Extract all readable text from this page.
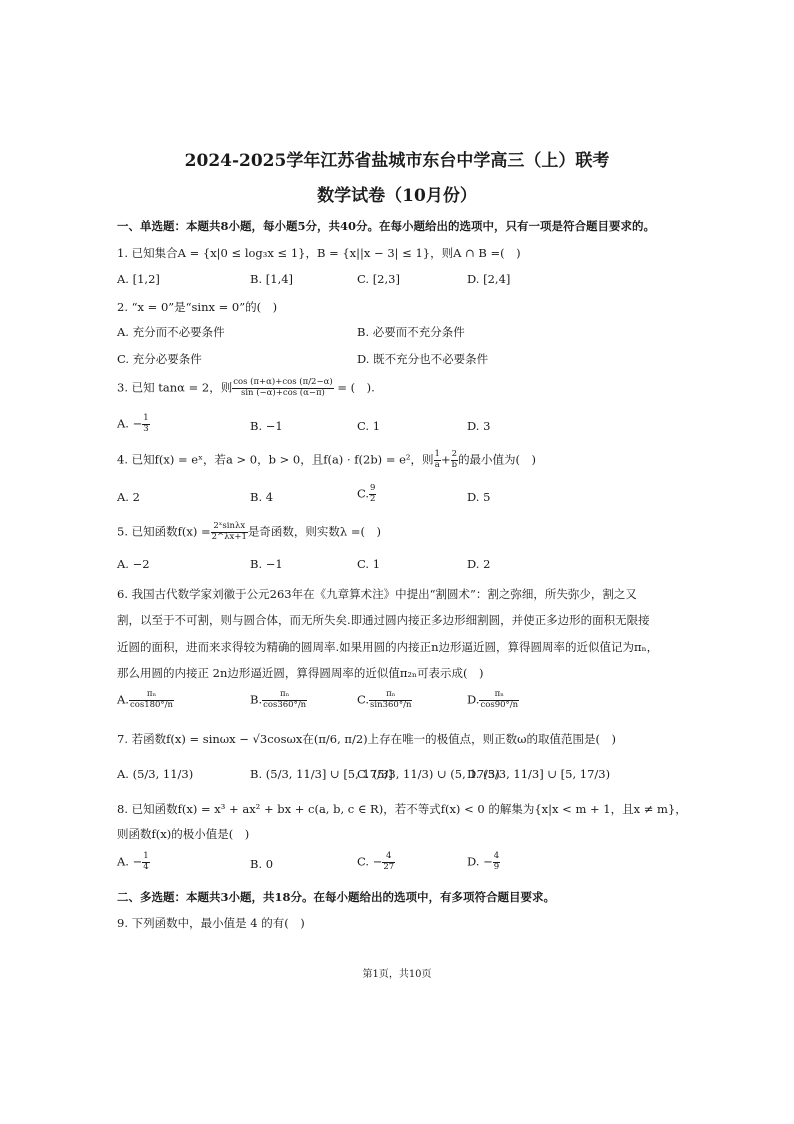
2024-2025学年江苏省盐城市东台中学高三（上）联考
数学试卷（10月份）
一、单选题：本题共8小题，每小题5分，共40分。在每小题给出的选项中，只有一项是符合题目要求的。
1. 已知集合A = {x|0 ≤ log₃x ≤ 1}，B = {x||x − 3| ≤ 1}，则A ∩ B =(　)
A. [1,2]	B. [1,4]	C. [2,3]	D. [2,4]
2. “x = 0”是“sinx = 0”的(　)
A. 充分而不必要条件	B. 必要而不充分条件
C. 充分必要条件	D. 既不充分也不必要条件
3. 已知 tanα = 2，则 $\frac{\cos (\pi+\alpha)+\cos (\pi/2-\alpha)}{\sin (-\alpha)+\cos (\alpha-\pi)}$ = (　).
A. − $\frac{1}{3}$	B. −1	C. 1	D. 3
4. 已知f(x) = eˣ，若a > 0，b > 0，且f(a) · f(2b) = e²，则 $\frac{1}{a} + \frac{2}{b}$ 的最小值为(　)
A. 2	B. 4	C. $\frac{9}{2}$	D. 5
5. 已知函数$f(x) = \frac{\text{2ˣsinλx}}{2\^{}\lambda x+1}$ 是奇函数，则实数λ =(　)
A. −2	B. −1	C. 1	D. 2
6. 我国古代数学家刘徽于公元263年在《九章算术注》中提出“割圆术”：割之弥细，所失弥少，割之又
割，以至于不可割，则与圆合体，而无所失矣.即通过圆内接正多边形细割圆，并使正多边形的面积无限接
近圆的面积，进而来求得较为精确的圆周率.如果用圆的内接正n边形逼近圆，算得圆周率的近似值记为πₙ，
那么用圆的内接正 2n边形逼近圆，算得圆周率的近似值π₂ₙ可表示成(　)
A. $\frac{\text{πₙ}}{\cos 180^\circ/n}$	B. $\frac{\text{πₙ}}{\cos 360^\circ/n}$	C. $\frac{\text{πₙ}}{\sin 360^\circ/n}$	D. $\frac{\text{πₙ}}{\cos 90^\circ/n}$
7. 若函数f(x) = sinωx − √3cosωx在(π/6, π/2)上存在唯一的极值点，则正数ω的取值范围是(　)
A. (5/3, 11/3)	B. (5/3, 11/3] ∪ [5, 17/3]
C. (5/3, 11/3) ∪ (5, 17/3)
D. (5/3, 11/3] ∪ [5, 17/3)
8. 已知函数f(x) = x³ + ax² + bx + c(a, b, c ∈ R)，若不等式f(x) < 0 的解集为{x|x < m + 1，且x ≠ m}，
则函数f(x)的极小值是(　)
A. − $\frac{1}{4}$	B. 0	C. − $\frac{4}{27}$	D. − $\frac{4}{9}$
二、多选题：本题共3小题，共18分。在每小题给出的选项中，有多项符合题目要求。
9. 下列函数中，最小值是 4 的有(　)
第1页，共10页
